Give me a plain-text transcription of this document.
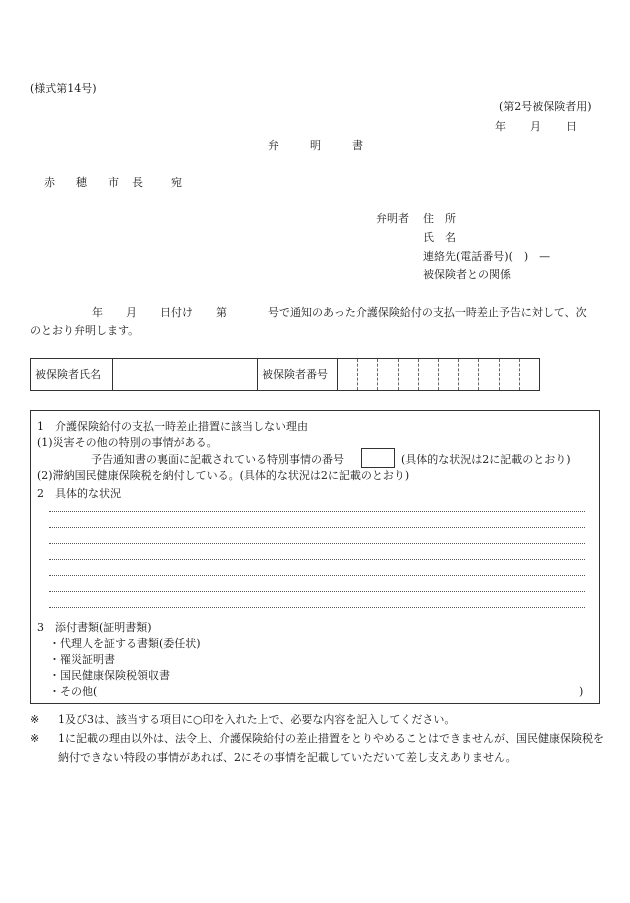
(様式第14号)
(第2号被保険者用)
年 月 日
弁	明	書
赤 穂 市 長	宛
弁明者 住　所
氏　名
連絡先(電話番号)(　)　—
被保険者との関係
年 月 日付け 第	号で通知のあった介護保険給付の支払一時差止予告に対して、次
のとおり弁明します。
被保険者氏名	被保険者番号
1　介護保険給付の支払一時差止措置に該当しない理由
(1)災害その他の特別の事情がある。
予告通知書の裏面に記載されている特別事情の番号	(具体的な状況は2に記載のとおり)
(2)滞納国民健康保険税を納付している。(具体的な状況は2に記載のとおり)
2　具体的な状況
3　添付書類(証明書類)
・代理人を証する書類(委任状)
・罹災証明書
・国民健康保険税領収書
・その他(	)
※ 1及び3は、該当する項目に○印を入れた上で、必要な内容を記入してください。
※ 1に記載の理由以外は、法令上、介護保険給付の差止措置をとりやめることはできませんが、国民健康保険税を納付できない特段の事情があれば、2にその事情を記載していただいて差し支えありません。
